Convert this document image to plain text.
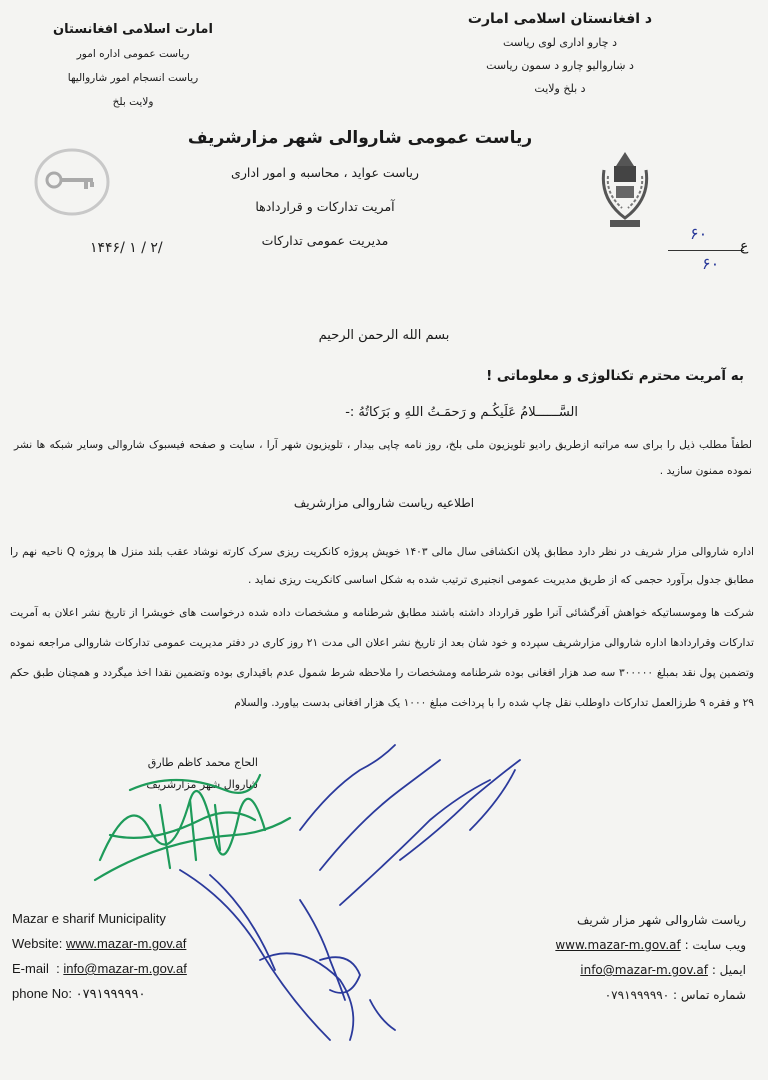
د افغانستان اسلامی امارت
د چارو اداری لوی ریاست
د ښاروالیو چارو د سمون ریاست
د بلخ ولایت
امارت اسلامی افغانستان
ریاست عمومی اداره امور
ریاست انسجام امور شاروالیها
ولایت بلخ
ریاست عمومی شاروالی شهر مزارشریف
ریاست عواید ، محاسبه و امور اداری
آمریت تدارکات و قراردادها
مدیریت عمومی تدارکات	۶۰
ع
۶۰
۱۴۴۶/ ۱ / ۲/
بسم الله الرحمن الرحیم
به آمریت محترم تکنالوژی و معلوماتی !
السَّــــــلامُ عَلَیکُـم و رَحمَـتُ اللهِ و بَرَکاتُهُ :-
لطفاً مطلب ذیل را برای سه مراتبه ازطریق رادیو تلویزیون ملی بلخ، روز نامه چاپی بیدار ، تلویزیون شهر آرا ، سایت و صفحه فیسبوک شاروالی وسایر شبکه ها نشر نموده ممنون سازید .
اطلاعیه ریاست شاروالی مزارشریف
اداره شاروالی مزار شریف در نظر دارد مطابق پلان انکشافی سال مالی ۱۴۰۳ خویش پروژه کانکریت ریزی سرک کارته نوشاد عقب بلند منزل ها پروژه Q ناحیه نهم را مطابق جدول برآورد حجمی که از طریق مدیریت عمومی انجنیری ترتیب شده به شکل اساسی کانکریت ریزی نماید .
شرکت ها وموسساتیکه خواهش آفرگشائی آنرا طور قرارداد داشته باشند مطابق شرطنامه و مشخصات داده شده درخواست های خویشرا از تاریخ نشر اعلان به آمریت تدارکات وقراردادها اداره شاروالی مزارشریف سپرده و خود شان بعد از تاریخ نشر اعلان الی مدت ۲۱ روز کاری در دفتر مدیریت عمومی تدارکات شاروالی مراجعه نموده وتضمین پول نقد بمبلغ ۳۰۰۰۰۰ سه صد هزار افغانی بوده شرطنامه ومشخصات را ملاحظه شرط شمول عدم باقیداری بوده وتضمین نقدا اخذ میگردد و همچنان طبق حکم ۲۹ و فقره ۹ طرزالعمل تدارکات داوطلب نقل چاپ شده را با پرداخت مبلغ ۱۰۰۰ یک هزار افغانی بدست بیاورد. والسلام
الحاج محمد کاظم طارق
شاروال شهر مزارشریف
Mazar e sharif Municipality
Website: www.mazar-m.gov.af
E-mail  : info@mazar-m.gov.af
phone No: ۰۷۹۱۹۹۹۹۹۰
ریاست شاروالی شهر مزار شریف
ویب سایت : www.mazar-m.gov.af
ایمیل : info@mazar-m.gov.af
شماره تماس : ۰۷۹۱۹۹۹۹۹۰
